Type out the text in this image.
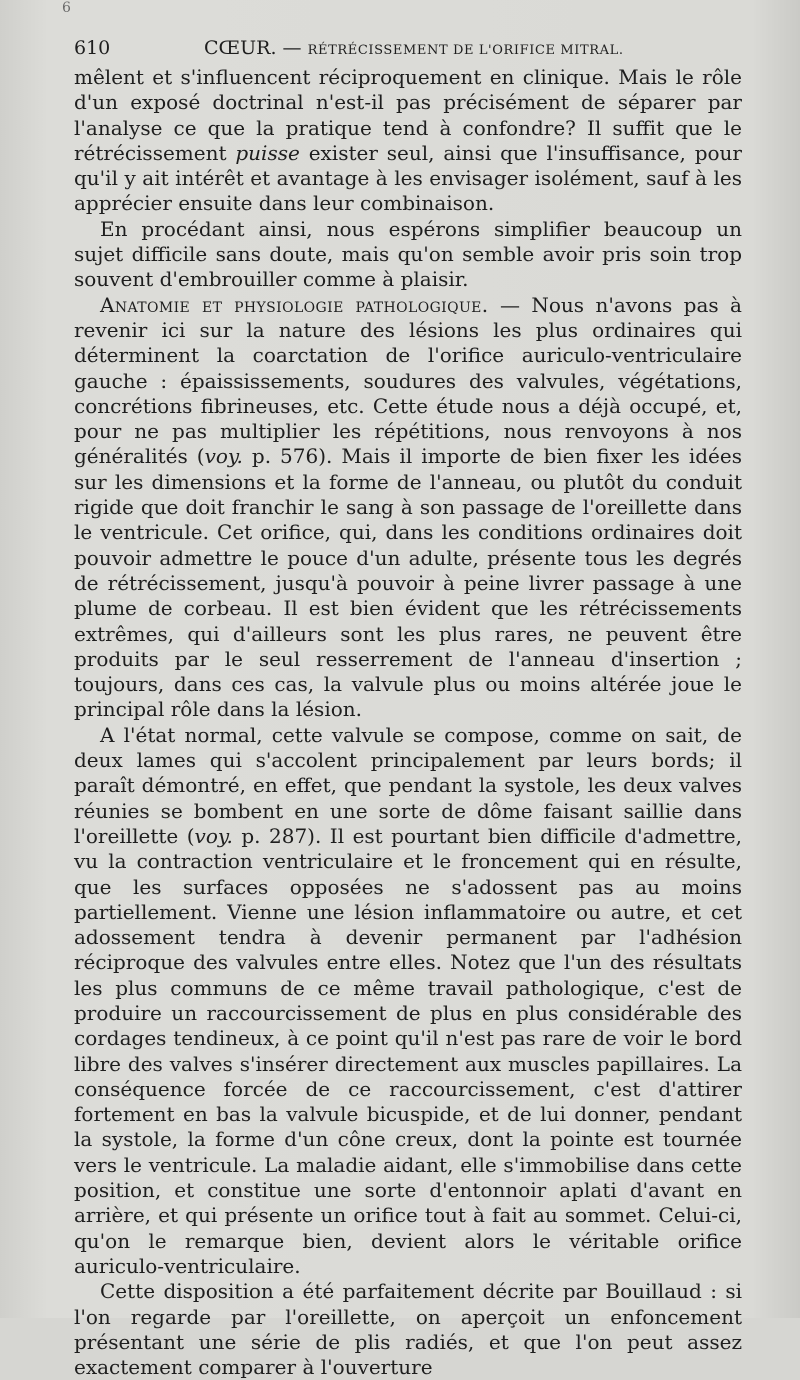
6
610	CŒUR. — RÉTRÉCISSEMENT DE L'ORIFICE MITRAL.

mêlent et s'influencent réciproquement en clinique. Mais le rôle d'un exposé doctrinal n'est-il pas précisément de séparer par l'analyse ce que la pratique tend à confondre? Il suffit que le rétrécissement puisse exister seul, ainsi que l'insuffisance, pour qu'il y ait intérêt et avantage à les envisager isolément, sauf à les apprécier ensuite dans leur combinaison.

En procédant ainsi, nous espérons simplifier beaucoup un sujet difficile sans doute, mais qu'on semble avoir pris soin trop souvent d'embrouiller comme à plaisir.

Anatomie et physiologie pathologique. — Nous n'avons pas à revenir ici sur la nature des lésions les plus ordinaires qui déterminent la coarctation de l'orifice auriculo-ventriculaire gauche : épaississements, soudures des valvules, végétations, concrétions fibrineuses, etc. Cette étude nous a déjà occupé, et, pour ne pas multiplier les répétitions, nous renvoyons à nos généralités (voy. p. 576). Mais il importe de bien fixer les idées sur les dimensions et la forme de l'anneau, ou plutôt du conduit rigide que doit franchir le sang à son passage de l'oreillette dans le ventricule. Cet orifice, qui, dans les conditions ordinaires doit pouvoir admettre le pouce d'un adulte, présente tous les degrés de rétrécissement, jusqu'à pouvoir à peine livrer passage à une plume de corbeau. Il est bien évident que les rétrécissements extrêmes, qui d'ailleurs sont les plus rares, ne peuvent être produits par le seul resserrement de l'anneau d'insertion ; toujours, dans ces cas, la valvule plus ou moins altérée joue le principal rôle dans la lésion.

A l'état normal, cette valvule se compose, comme on sait, de deux lames qui s'accolent principalement par leurs bords; il paraît démontré, en effet, que pendant la systole, les deux valves réunies se bombent en une sorte de dôme faisant saillie dans l'oreillette (voy. p. 287). Il est pourtant bien difficile d'admettre, vu la contraction ventriculaire et le froncement qui en résulte, que les surfaces opposées ne s'adossent pas au moins partiellement. Vienne une lésion inflammatoire ou autre, et cet adossement tendra à devenir permanent par l'adhésion réciproque des valvules entre elles. Notez que l'un des résultats les plus communs de ce même travail pathologique, c'est de produire un raccourcissement de plus en plus considérable des cordages tendineux, à ce point qu'il n'est pas rare de voir le bord libre des valves s'insérer directement aux muscles papillaires. La conséquence forcée de ce raccourcissement, c'est d'attirer fortement en bas la valvule bicuspide, et de lui donner, pendant la systole, la forme d'un cône creux, dont la pointe est tournée vers le ventricule. La maladie aidant, elle s'immobilise dans cette position, et constitue une sorte d'entonnoir aplati d'avant en arrière, et qui présente un orifice tout à fait au sommet. Celui-ci, qu'on le remarque bien, devient alors le véritable orifice auriculo-ventriculaire.

Cette disposition a été parfaitement décrite par Bouillaud : si l'on regarde par l'oreillette, on aperçoit un enfoncement présentant une série de plis radiés, et que l'on peut assez exactement comparer à l'ouverture
